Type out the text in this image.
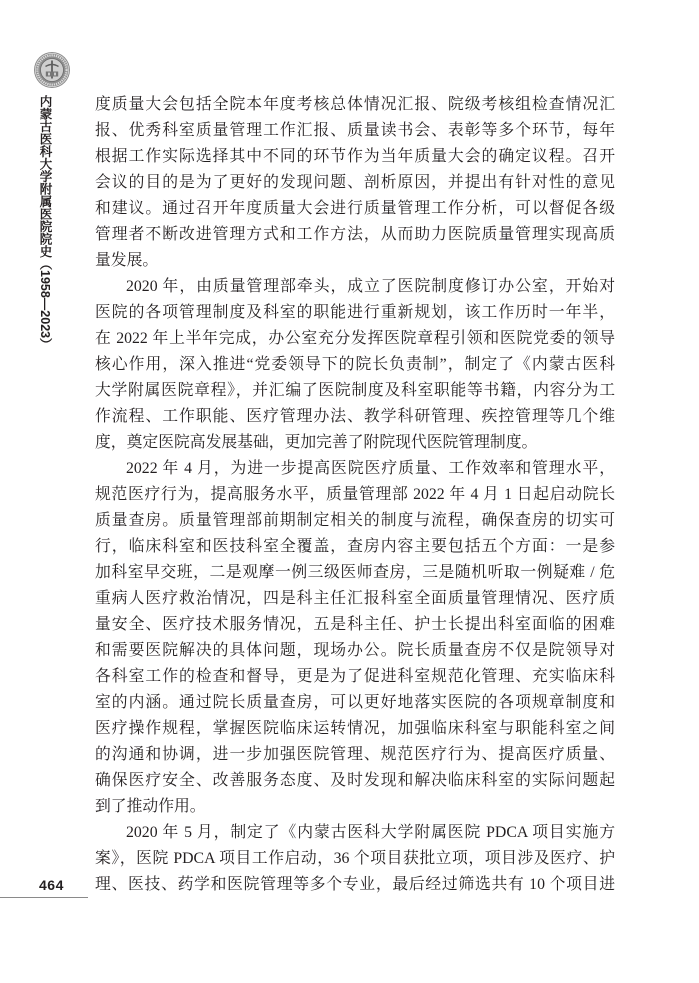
内蒙古医科大学附属医院院史（1958—2023）	度质量大会包括全院本年度考核总体情况汇报、院级考核组检查情况汇
报、优秀科室质量管理工作汇报、质量读书会、表彰等多个环节，每年
根据工作实际选择其中不同的环节作为当年质量大会的确定议程。召开
会议的目的是为了更好的发现问题、剖析原因，并提出有针对性的意见
和建议。通过召开年度质量大会进行质量管理工作分析，可以督促各级
管理者不断改进管理方式和工作方法，从而助力医院质量管理实现高质
量发展。
2020 年，由质量管理部牵头，成立了医院制度修订办公室，开始对
医院的各项管理制度及科室的职能进行重新规划，该工作历时一年半，
在 2022 年上半年完成，办公室充分发挥医院章程引领和医院党委的领导
核心作用，深入推进“党委领导下的院长负责制”，制定了《内蒙古医科
大学附属医院章程》，并汇编了医院制度及科室职能等书籍，内容分为工
作流程、工作职能、医疗管理办法、教学科研管理、疾控管理等几个维
度，奠定医院高发展基础，更加完善了附院现代医院管理制度。
2022 年 4 月，为进一步提高医院医疗质量、工作效率和管理水平，
规范医疗行为，提高服务水平，质量管理部 2022 年 4 月 1 日起启动院长
质量查房。质量管理部前期制定相关的制度与流程，确保查房的切实可
行，临床科室和医技科室全覆盖，查房内容主要包括五个方面：一是参
加科室早交班，二是观摩一例三级医师查房，三是随机听取一例疑难 / 危
重病人医疗救治情况，四是科主任汇报科室全面质量管理情况、医疗质
量安全、医疗技术服务情况，五是科主任、护士长提出科室面临的困难
和需要医院解决的具体问题，现场办公。院长质量查房不仅是院领导对
各科室工作的检查和督导，更是为了促进科室规范化管理、充实临床科
室的内涵。通过院长质量查房，可以更好地落实医院的各项规章制度和
医疗操作规程，掌握医院临床运转情况，加强临床科室与职能科室之间
的沟通和协调，进一步加强医院管理、规范医疗行为、提高医疗质量、
确保医疗安全、改善服务态度、及时发现和解决临床科室的实际问题起
到了推动作用。
2020 年 5 月，制定了《内蒙古医科大学附属医院 PDCA 项目实施方
案》，医院 PDCA 项目工作启动，36 个项目获批立项，项目涉及医疗、护
理、医技、药学和医院管理等多个专业，最后经过筛选共有 10 个项目进
464
